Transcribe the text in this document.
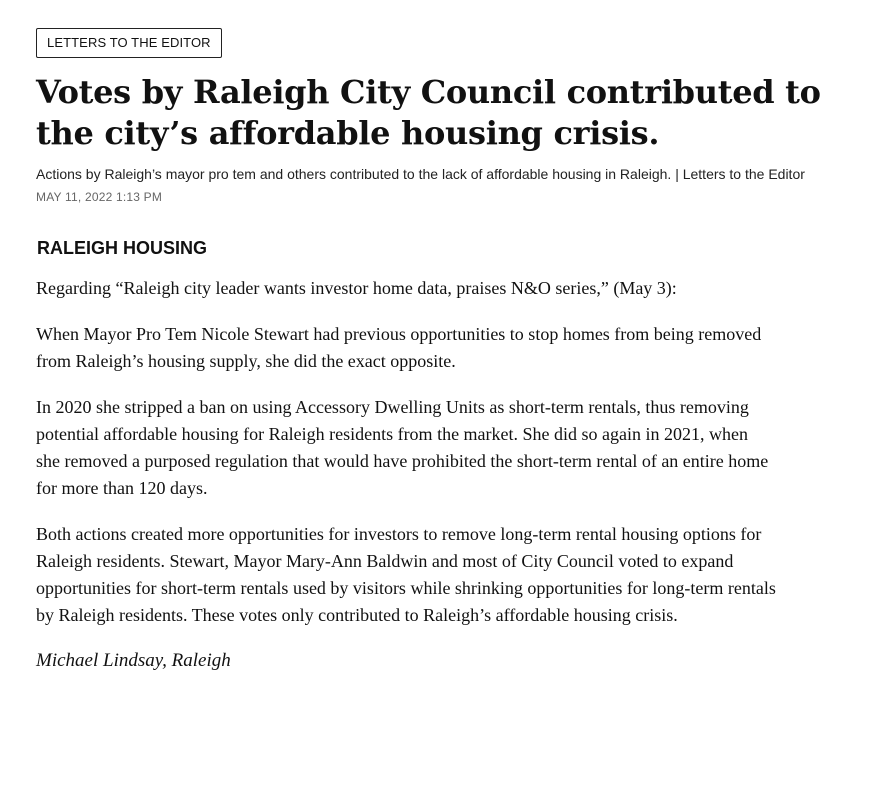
LETTERS TO THE EDITOR
Votes by Raleigh City Council contributed to the city’s affordable housing crisis.

Actions by Raleigh’s mayor pro tem and others contributed to the lack of affordable housing in Raleigh. | Letters to the Editor

MAY 11, 2022 1:13 PM
RALEIGH HOUSING

Regarding “Raleigh city leader wants investor home data, praises N&O series,” (May 3):

When Mayor Pro Tem Nicole Stewart had previous opportunities to stop homes from being removed from Raleigh’s housing supply, she did the exact opposite.

In 2020 she stripped a ban on using Accessory Dwelling Units as short-term rentals, thus removing potential affordable housing for Raleigh residents from the market. She did so again in 2021, when she removed a purposed regulation that would have prohibited the short-term rental of an entire home for more than 120 days.

Both actions created more opportunities for investors to remove long-term rental housing options for Raleigh residents. Stewart, Mayor Mary-Ann Baldwin and most of City Council voted to expand opportunities for short-term rentals used by visitors while shrinking opportunities for long-term rentals by Raleigh residents. These votes only contributed to Raleigh’s affordable housing crisis.

Michael Lindsay, Raleigh
